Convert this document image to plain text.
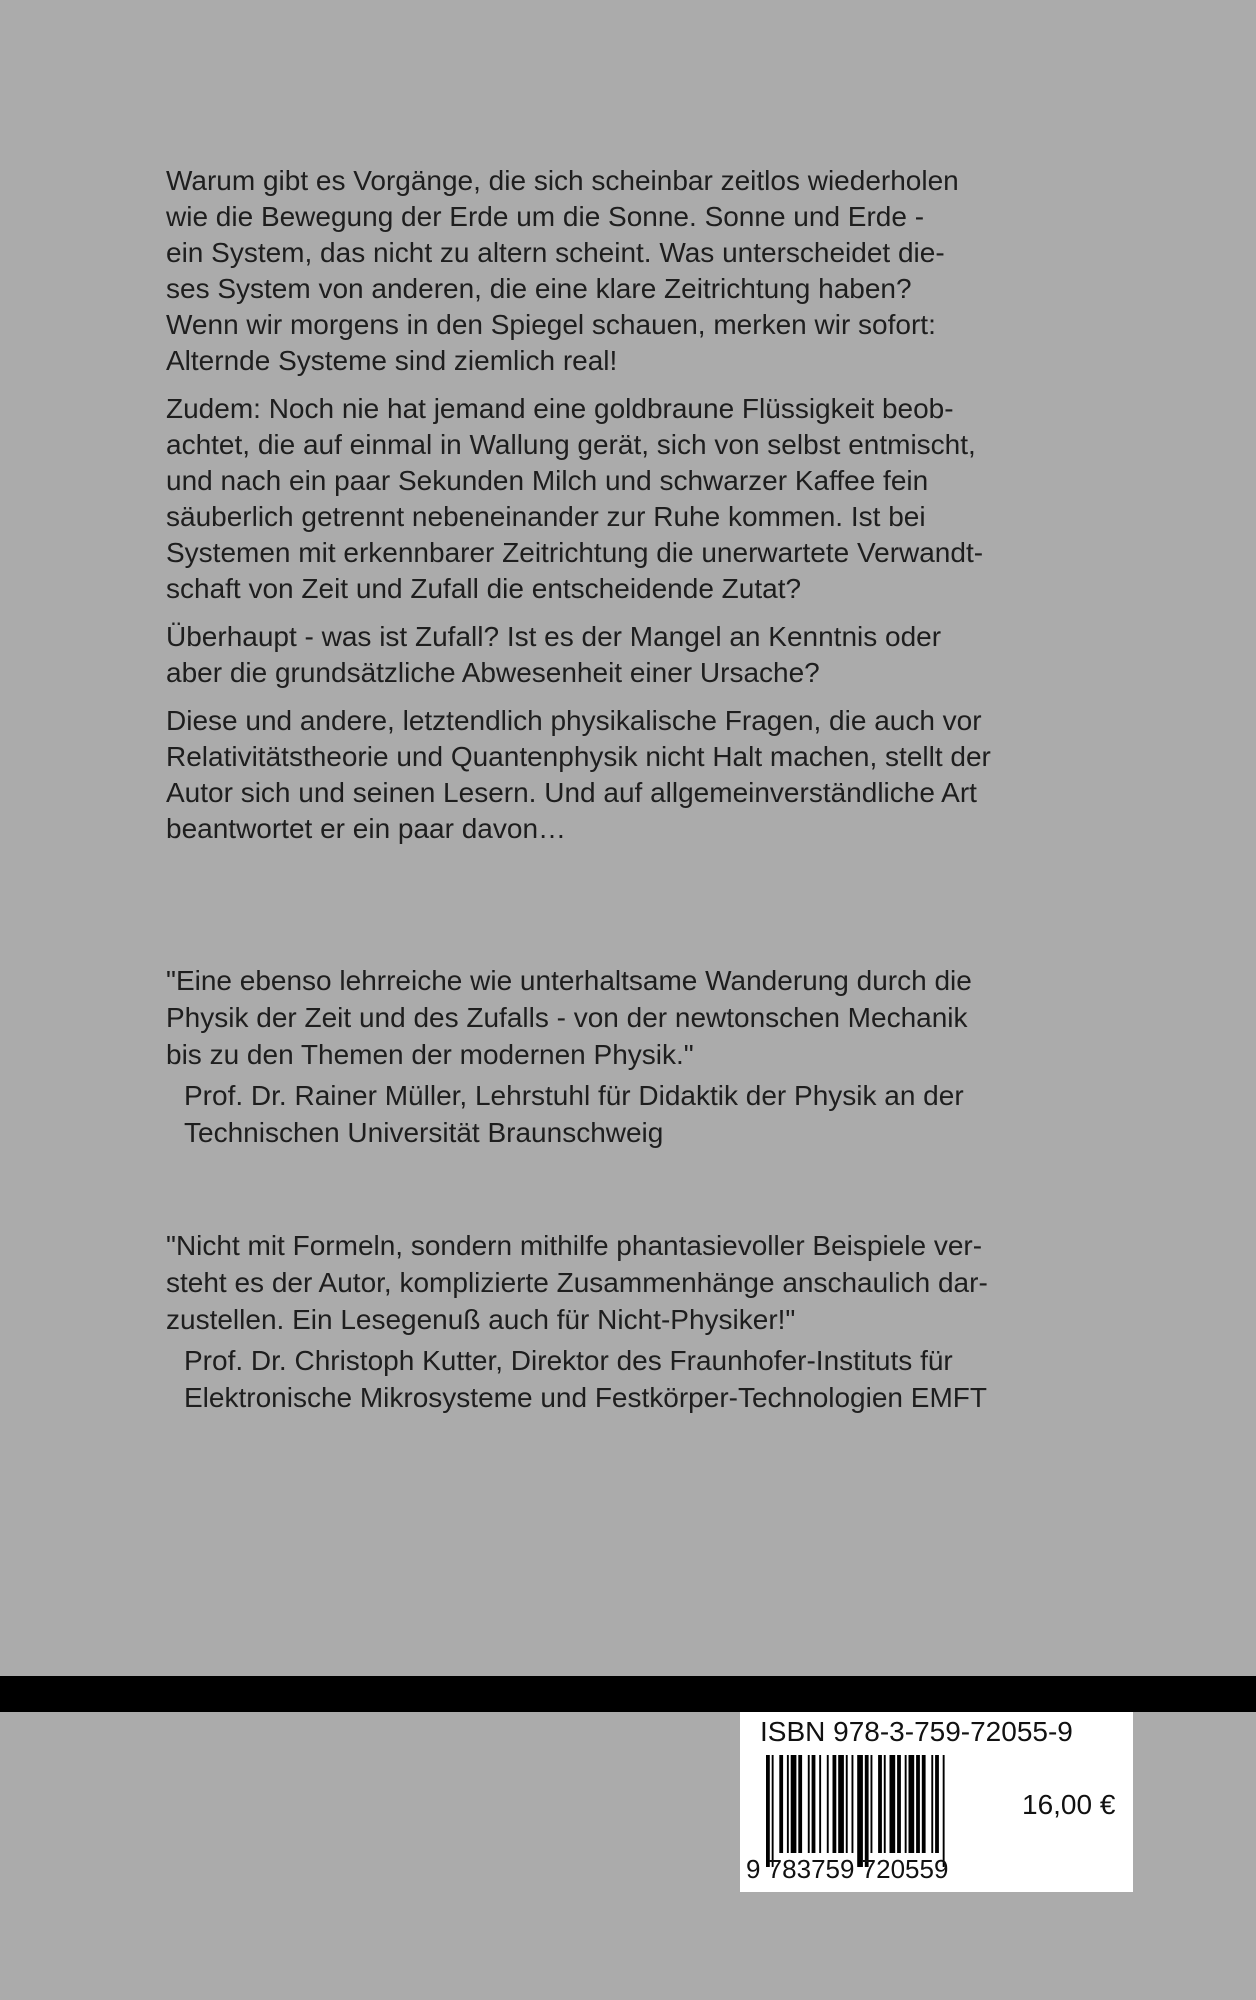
Warum gibt es Vorgänge, die sich scheinbar zeitlos wiederholen
wie die Bewegung der Erde um die Sonne. Sonne und Erde -
ein System, das nicht zu altern scheint. Was unterscheidet die-
ses System von anderen, die eine klare Zeitrichtung haben?
Wenn wir morgens in den Spiegel schauen, merken wir sofort:
Alternde Systeme sind ziemlich real!

Zudem: Noch nie hat jemand eine goldbraune Flüssigkeit beob-
achtet, die auf einmal in Wallung gerät, sich von selbst entmischt,
und nach ein paar Sekunden Milch und schwarzer Kaffee fein
säuberlich getrennt nebeneinander zur Ruhe kommen. Ist bei
Systemen mit erkennbarer Zeitrichtung die unerwartete Verwandt-
schaft von Zeit und Zufall die entscheidende Zutat?

Überhaupt - was ist Zufall? Ist es der Mangel an Kenntnis oder
aber die grundsätzliche Abwesenheit einer Ursache?

Diese und andere, letztendlich physikalische Fragen, die auch vor
Relativitätstheorie und Quantenphysik nicht Halt machen, stellt der
Autor sich und seinen Lesern. Und auf allgemeinverständliche Art
beantwortet er ein paar davon…

"Eine ebenso lehrreiche wie unterhaltsame Wanderung durch die
Physik der Zeit und des Zufalls - von der newtonschen Mechanik
bis zu den Themen der modernen Physik."

Prof. Dr. Rainer Müller, Lehrstuhl für Didaktik der Physik an der
Technischen Universität Braunschweig

"Nicht mit Formeln, sondern mithilfe phantasievoller Beispiele ver-
steht es der Autor, komplizierte Zusammenhänge anschaulich dar-
zustellen. Ein Lesegenuß auch für Nicht-Physiker!"

Prof. Dr. Christoph Kutter, Direktor des Fraunhofer-Instituts für
Elektronische Mikrosysteme und Festkörper-Technologien EMFT

ISBN 978-3-759-72055-9
9 783759 720559
16,00 €
